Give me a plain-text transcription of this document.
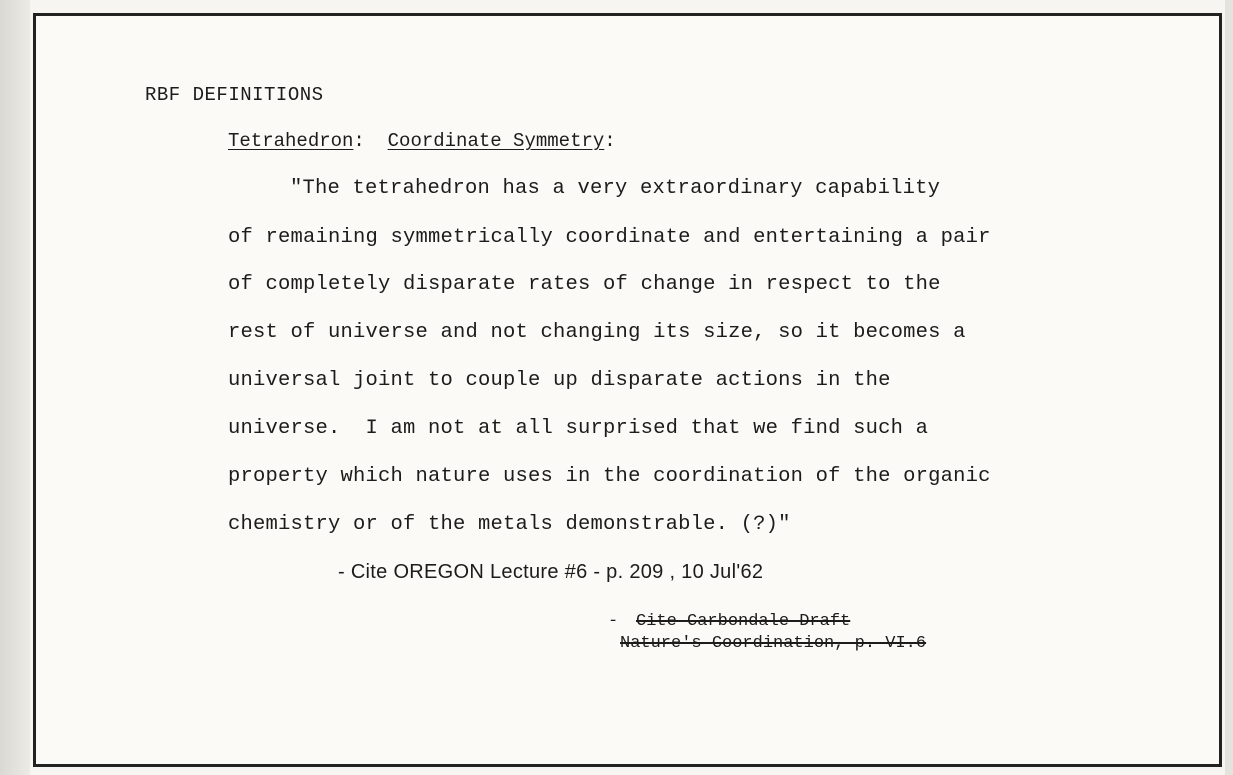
RBF DEFINITIONS
Tetrahedron: Coordinate Symmetry:
"The tetrahedron has a very extraordinary capability
of remaining symmetrically coordinate and entertaining a pair
of completely disparate rates of change in respect to the
rest of universe and not changing its size, so it becomes a
universal joint to couple up disparate actions in the
universe.  I am not at all surprised that we find such a
property which nature uses in the coordination of the organic
chemistry or of the metals demonstrable. (?)"
- Cite OREGON Lecture #6 - p. 209 , 10 Jul'62
- Cite Carbondale Draft
Nature's Coordination, p. VI.6
